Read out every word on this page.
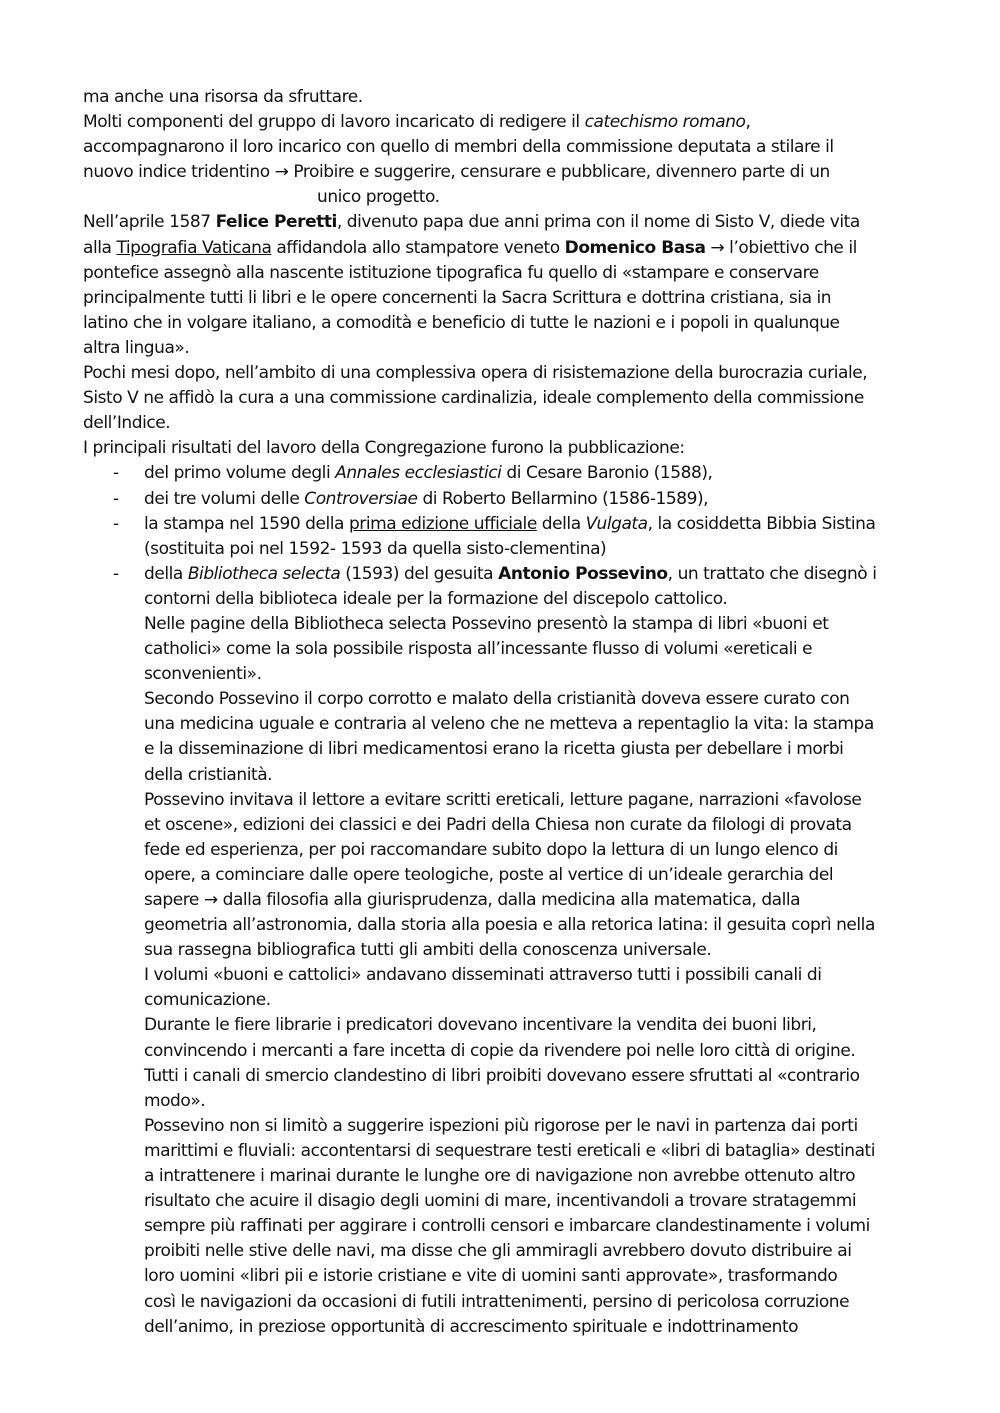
ma anche una risorsa da sfruttare.
Molti componenti del gruppo di lavoro incaricato di redigere il catechismo romano,
accompagnarono il loro incarico con quello di membri della commissione deputata a stilare il
nuovo indice tridentino → Proibire e suggerire, censurare e pubblicare, divennero parte di un
unico progetto.
Nell’aprile 1587 Felice Peretti, divenuto papa due anni prima con il nome di Sisto V, diede vita
alla Tipografia Vaticana affidandola allo stampatore veneto Domenico Basa → l’obiettivo che il
pontefice assegnò alla nascente istituzione tipografica fu quello di «stampare e conservare
principalmente tutti li libri e le opere concernenti la Sacra Scrittura e dottrina cristiana, sia in
latino che in volgare italiano, a comodità e beneficio di tutte le nazioni e i popoli in qualunque
altra lingua».
Pochi mesi dopo, nell’ambito di una complessiva opera di risistemazione della burocrazia curiale,
Sisto V ne affidò la cura a una commissione cardinalizia, ideale complemento della commissione
dell’Indice.
I principali risultati del lavoro della Congregazione furono la pubblicazione:
- del primo volume degli Annales ecclesiastici di Cesare Baronio (1588),
- dei tre volumi delle Controversiae di Roberto Bellarmino (1586-1589),
- la stampa nel 1590 della prima edizione ufficiale della Vulgata, la cosiddetta Bibbia Sistina
(sostituita poi nel 1592- 1593 da quella sisto-clementina)
- della Bibliotheca selecta (1593) del gesuita Antonio Possevino, un trattato che disegnò i
contorni della biblioteca ideale per la formazione del discepolo cattolico.
Nelle pagine della Bibliotheca selecta Possevino presentò la stampa di libri «buoni et
catholici» come la sola possibile risposta all’incessante flusso di volumi «ereticali e
sconvenienti».
Secondo Possevino il corpo corrotto e malato della cristianità doveva essere curato con
una medicina uguale e contraria al veleno che ne metteva a repentaglio la vita: la stampa
e la disseminazione di libri medicamentosi erano la ricetta giusta per debellare i morbi
della cristianità.
Possevino invitava il lettore a evitare scritti ereticali, letture pagane, narrazioni «favolose
et oscene», edizioni dei classici e dei Padri della Chiesa non curate da filologi di provata
fede ed esperienza, per poi raccomandare subito dopo la lettura di un lungo elenco di
opere, a cominciare dalle opere teologiche, poste al vertice di un’ideale gerarchia del
sapere → dalla filosofia alla giurisprudenza, dalla medicina alla matematica, dalla
geometria all’astronomia, dalla storia alla poesia e alla retorica latina: il gesuita coprì nella
sua rassegna bibliografica tutti gli ambiti della conoscenza universale.
I volumi «buoni e cattolici» andavano disseminati attraverso tutti i possibili canali di
comunicazione.
Durante le fiere librarie i predicatori dovevano incentivare la vendita dei buoni libri,
convincendo i mercanti a fare incetta di copie da rivendere poi nelle loro città di origine.
Tutti i canali di smercio clandestino di libri proibiti dovevano essere sfruttati al «contrario
modo».
Possevino non si limitò a suggerire ispezioni più rigorose per le navi in partenza dai porti
marittimi e fluviali: accontentarsi di sequestrare testi ereticali e «libri di bataglia» destinati
a intrattenere i marinai durante le lunghe ore di navigazione non avrebbe ottenuto altro
risultato che acuire il disagio degli uomini di mare, incentivandoli a trovare stratagemmi
sempre più raffinati per aggirare i controlli censori e imbarcare clandestinamente i volumi
proibiti nelle stive delle navi, ma disse che gli ammiragli avrebbero dovuto distribuire ai
loro uomini «libri pii e istorie cristiane e vite di uomini santi approvate», trasformando
così le navigazioni da occasioni di futili intrattenimenti, persino di pericolosa corruzione
dell’animo, in preziose opportunità di accrescimento spirituale e indottrinamento
